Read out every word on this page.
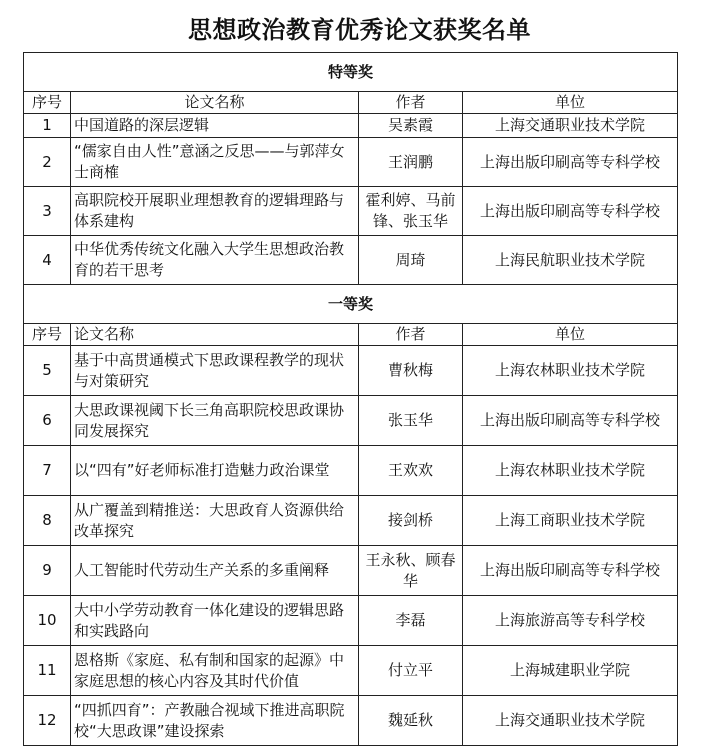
思想政治教育优秀论文获奖名单
特等奖			
序号	论文名称	作者	单位
1	中国道路的深层逻辑	吴素霞	上海交通职业技术学院
2	“儒家自由人性”意涵之反思——与郭萍女士商榷	王润鹏	上海出版印刷高等专科学校
3	高职院校开展职业理想教育的逻辑理路与体系建构	霍利婷、马前锋、张玉华	上海出版印刷高等专科学校
4	中华优秀传统文化融入大学生思想政治教育的若干思考	周琦	上海民航职业技术学院
一等奖			
序号	论文名称	作者	单位
5	基于中高贯通模式下思政课程教学的现状与对策研究	曹秋梅	上海农林职业技术学院
6	大思政课视阈下长三角高职院校思政课协同发展探究	张玉华	上海出版印刷高等专科学校
7	以“四有”好老师标准打造魅力政治课堂	王欢欢	上海农林职业技术学院
8	从广覆盖到精推送：大思政育人资源供给改革探究	接剑桥	上海工商职业技术学院
9	人工智能时代劳动生产关系的多重阐释	王永秋、顾春华	上海出版印刷高等专科学校
10	大中小学劳动教育一体化建设的逻辑思路和实践路向	李磊	上海旅游高等专科学校
11	恩格斯《家庭、私有制和国家的起源》中家庭思想的核心内容及其时代价值	付立平	上海城建职业学院
12	“四抓四育”：产教融合视域下推进高职院校“大思政课”建设探索	魏延秋	上海交通职业技术学院
